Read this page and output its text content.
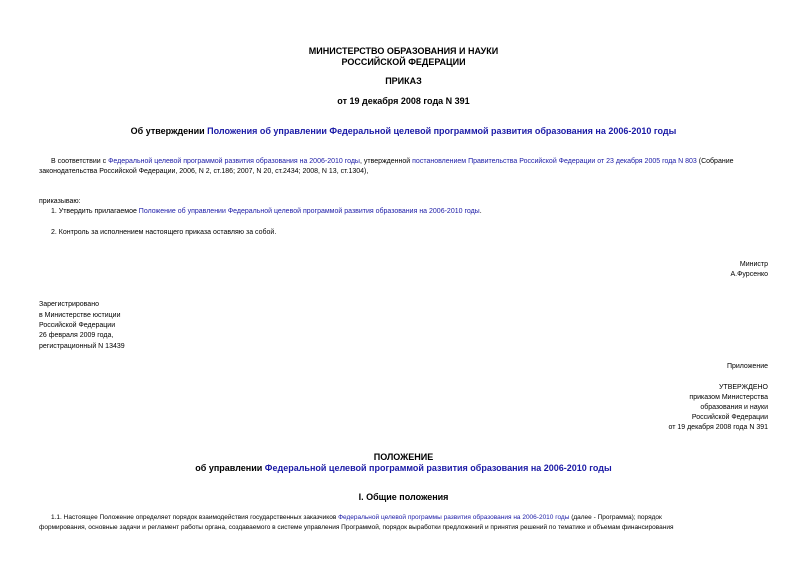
МИНИСТЕРСТВО ОБРАЗОВАНИЯ И НАУКИ
РОССИЙСКОЙ ФЕДЕРАЦИИ
ПРИКАЗ
от 19 декабря 2008 года N 391
Об утверждении Положения об управлении Федеральной целевой программой развития образования на 2006-2010 годы
В соответствии с Федеральной целевой программой развития образования на 2006-2010 годы, утвержденной постановлением Правительства Российской Федерации от 23 декабря 2005 года N 803 (Собрание
законодательства Российской Федерации, 2006, N 2, ст.186; 2007, N 20, ст.2434; 2008, N 13, ст.1304),
приказываю:
1. Утвердить прилагаемое Положение об управлении Федеральной целевой программой развития образования на 2006-2010 годы.
2. Контроль за исполнением настоящего приказа оставляю за собой.
Министр
А.Фурсенко
Зарегистрировано
в Министерстве юстиции
Российской Федерации
26 февраля 2009 года,
регистрационный N 13439
Приложение
УТВЕРЖДЕНО
приказом Министерства
образования и науки
Российской Федерации
от 19 декабря 2008 года N 391
ПОЛОЖЕНИЕ
об управлении Федеральной целевой программой развития образования на 2006-2010 годы
I. Общие положения
1.1. Настоящее Положение определяет порядок взаимодействия государственных заказчиков Федеральной целевой программы развития образования на 2006-2010 годы (далее - Программа); порядок
формирования, основные задачи и регламент работы органа, создаваемого в системе управления Программой, порядок выработки предложений и принятия решений по тематике и объемам финансирования
